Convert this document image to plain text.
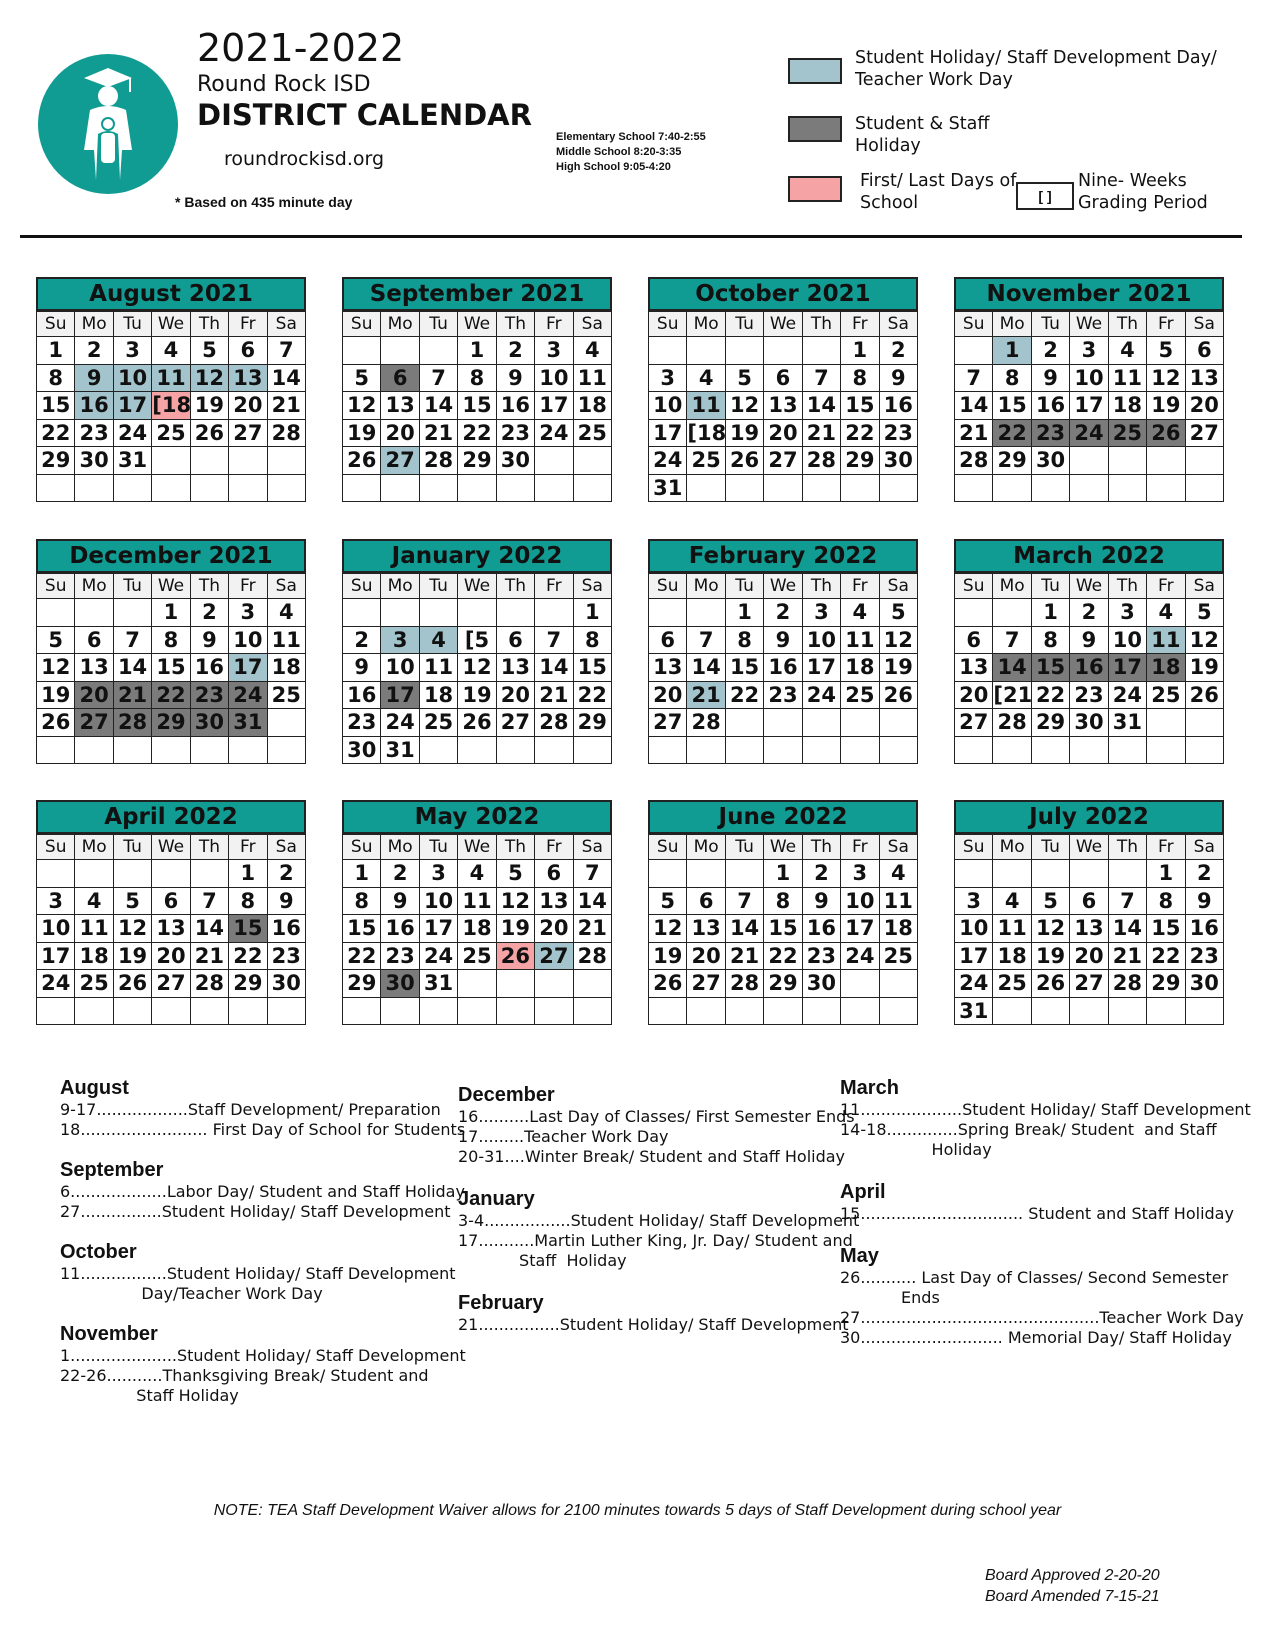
2021-2022
Round Rock ISD
DISTRICT CALENDAR
roundrockisd.org
* Based on 435 minute day
Elementary School 7:40-2:55
Middle School 8:20-3:35
High School 9:05-4:20
Student Holiday/ Staff Development Day/ Teacher Work Day
Student & Staff Holiday
First/ Last Days of School	[ ]
Nine- Weeks Grading Period
August 2021
Su	Mo	Tu	We	Th	Fr	Sa
1	2	3	4	5	6	7
8	9	10	11	12	13	14
15	16	17	[18	19	20	21
22	23	24	25	26	27	28
29	30	31				

September 2021
Su	Mo	Tu	We	Th	Fr	Sa
			1	2	3	4
5	6	7	8	9	10	11
12	13	14	15	16	17	18
19	20	21	22	23	24	25
26	27	28	29	30		

October 2021
Su	Mo	Tu	We	Th	Fr	Sa
					1	2
3	4	5	6	7	8	9
10	11	12	13	14	15	16
17	[18	19	20	21	22	23
24	25	26	27	28	29	30
31						
November 2021
Su	Mo	Tu	We	Th	Fr	Sa
	1	2	3	4	5	6
7	8	9	10	11	12	13
14	15	16	17	18	19	20
21	22	23	24	25	26	27
28	29	30				

December 2021
Su	Mo	Tu	We	Th	Fr	Sa
			1	2	3	4
5	6	7	8	9	10	11
12	13	14	15	16	17	18
19	20	21	22	23	24	25
26	27	28	29	30	31	

January 2022
Su	Mo	Tu	We	Th	Fr	Sa
						1
2	3	4	[5	6	7	8
9	10	11	12	13	14	15
16	17	18	19	20	21	22
23	24	25	26	27	28	29
30	31					
February 2022
Su	Mo	Tu	We	Th	Fr	Sa
		1	2	3	4	5
6	7	8	9	10	11	12
13	14	15	16	17	18	19
20	21	22	23	24	25	26
27	28					

March 2022
Su	Mo	Tu	We	Th	Fr	Sa
		1	2	3	4	5
6	7	8	9	10	11	12
13	14	15	16	17	18	19
20	[21	22	23	24	25	26
27	28	29	30	31		

April 2022
Su	Mo	Tu	We	Th	Fr	Sa
					1	2
3	4	5	6	7	8	9
10	11	12	13	14	15	16
17	18	19	20	21	22	23
24	25	26	27	28	29	30

May 2022
Su	Mo	Tu	We	Th	Fr	Sa
1	2	3	4	5	6	7
8	9	10	11	12	13	14
15	16	17	18	19	20	21
22	23	24	25	26	27	28
29	30	31				

June 2022
Su	Mo	Tu	We	Th	Fr	Sa
			1	2	3	4
5	6	7	8	9	10	11
12	13	14	15	16	17	18
19	20	21	22	23	24	25
26	27	28	29	30		

July 2022
Su	Mo	Tu	We	Th	Fr	Sa
					1	2
3	4	5	6	7	8	9
10	11	12	13	14	15	16
17	18	19	20	21	22	23
24	25	26	27	28	29	30
31						
August
9-17..................Staff Development/ Preparation
18......................... First Day of School for Students
September
6...................Labor Day/ Student and Staff Holiday
27................Student Holiday/ Staff Development
October
11.................Student Holiday/ Staff Development
Day/Teacher Work Day
November
1.....................Student Holiday/ Staff Development
22-26...........Thanksgiving Break/ Student and
Staff Holiday
December
16..........Last Day of Classes/ First Semester Ends
17.........Teacher Work Day
20-31....Winter Break/ Student and Staff Holiday
January
3-4.................Student Holiday/ Staff Development
17...........Martin Luther King, Jr. Day/ Student and
Staff  Holiday
February
21................Student Holiday/ Staff Development
March
11....................Student Holiday/ Staff Development
14-18..............Spring Break/ Student  and Staff
Holiday
April
15................................ Student and Staff Holiday
May
26........... Last Day of Classes/ Second Semester
Ends
27...............................................Teacher Work Day
30............................ Memorial Day/ Staff Holiday
NOTE: TEA Staff Development Waiver allows for 2100 minutes towards 5 days of Staff Development during school year
Board Approved 2-20-20
Board Amended 7-15-21
